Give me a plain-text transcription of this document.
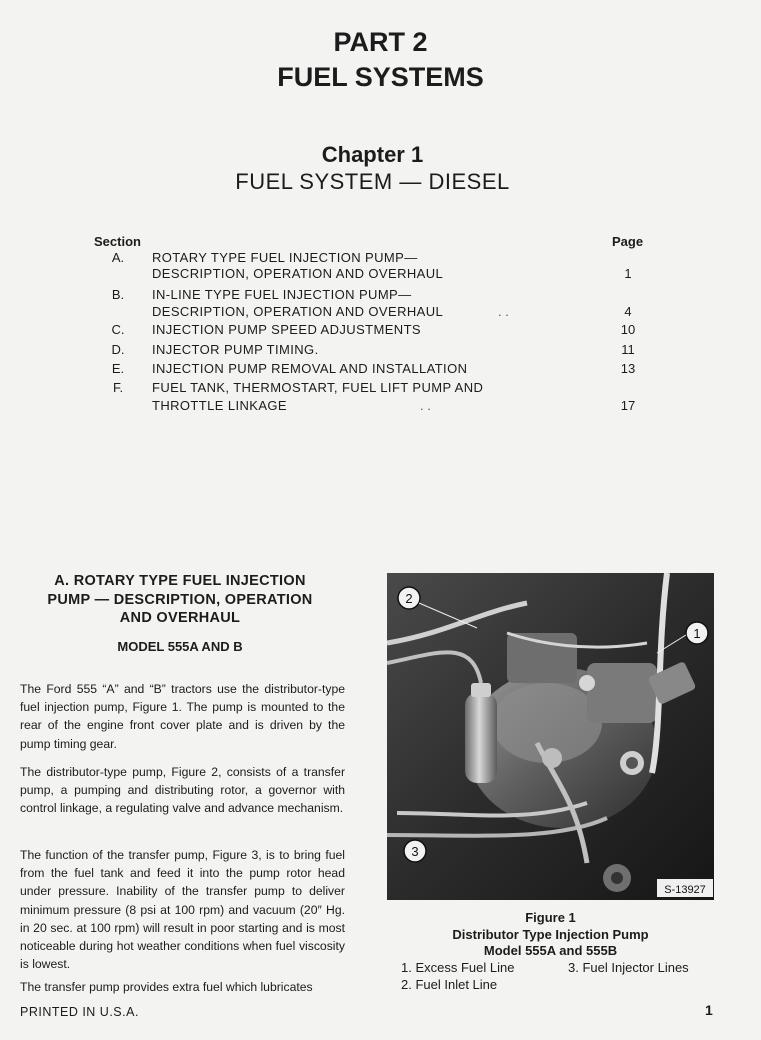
PART 2
FUEL SYSTEMS
Chapter 1
FUEL SYSTEM — DIESEL
Section	Page
A.	ROTARY TYPE FUEL INJECTION PUMP—
DESCRIPTION, OPERATION AND OVERHAUL	1
B.	IN-LINE TYPE FUEL INJECTION PUMP—
DESCRIPTION, OPERATION AND OVERHAUL	. .	4
C.	INJECTION PUMP SPEED ADJUSTMENTS	10
D.	INJECTOR PUMP TIMING.	11
E.	INJECTION PUMP REMOVAL AND INSTALLATION	13
F.	FUEL TANK, THERMOSTART, FUEL LIFT PUMP AND
THROTTLE LINKAGE	. .	17
A. ROTARY TYPE FUEL INJECTION
PUMP — DESCRIPTION, OPERATION
AND OVERHAUL
MODEL 555A AND B
The Ford 555 “A” and “B” tractors use the distributor-type fuel injection pump, Figure 1. The pump is mounted to the rear of the engine front cover plate and is driven by the pump timing gear.
The distributor-type pump, Figure 2, consists of a transfer pump, a pumping and distributing rotor, a governor with control linkage, a regulating valve and advance mechanism.
The function of the transfer pump, Figure 3, is to bring fuel from the fuel tank and feed it into the pump rotor head under pressure. Inability of the transfer pump to deliver minimum pressure (8 psi at 100 rpm) and vacuum (20″ Hg. in 20 sec. at 100 rpm) will result in poor starting and is most noticeable during hot weather conditions when fuel viscosity is lowest.
The transfer pump provides extra fuel which lubricates
2
1
3
S-13927
Figure 1
Distributor Type Injection Pump
Model 555A and 555B
1. Excess Fuel Line	3. Fuel Injector Lines
2. Fuel Inlet Line
PRINTED IN U.S.A.	1
